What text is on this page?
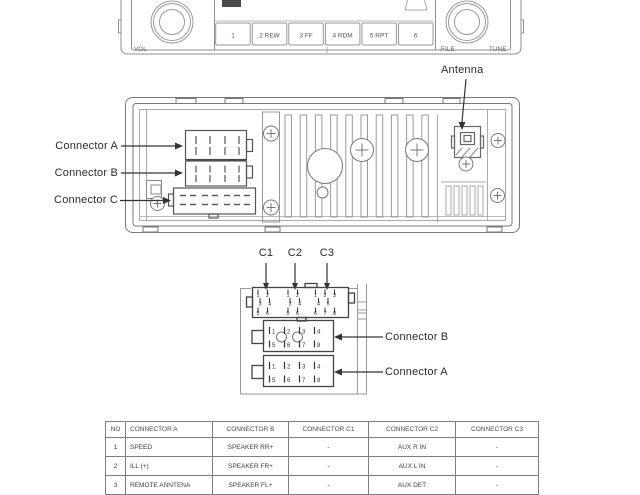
1	2 REW	3 FF	4 RDM	5 RPT	6
1 2
3 4
5 6
1 2
3 4
5 6
1 2 3
4 5
6 7 8
1 2 3 4
5 6 7 8
1 2 3 4
5 6 7 8
VOL	FILE	TUNE
Connector A
Connector B
Connector C
Antenna
C1	C2	C3
Connector B
Connector A
NO	CONNECTOR A	CONNECTOR B	CONNECTOR C1	CONNECTOR C2	CONNECTOR C3
1	SPEED	SPEAKER RR+	-	AUX R IN	-
2	ILL (+)	SPEAKER FR+	-	AUX L IN	-
3	REMOTE ANNTENA	SPEAKER FL+	-	AUX DET	-
